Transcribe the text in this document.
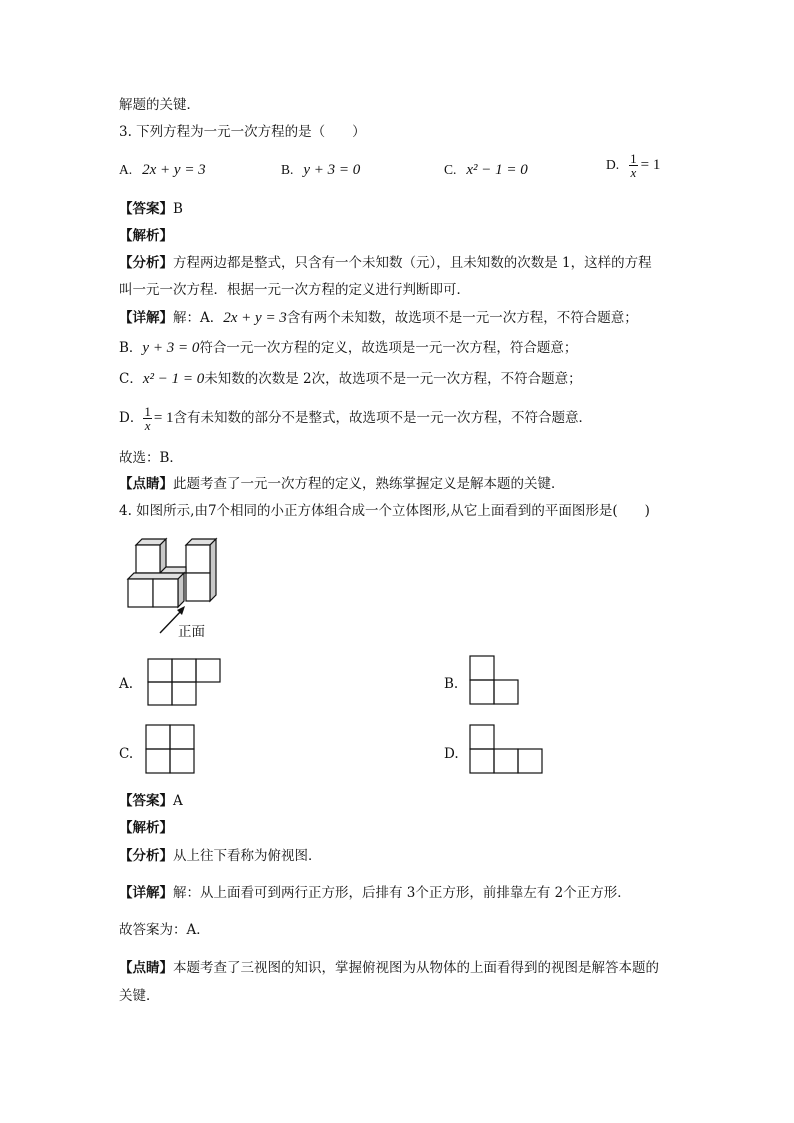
解题的关键．
3. 下列方程为一元一次方程的是（　　）
A. 2x + y = 3	B. y + 3 = 0	C. x² − 1 = 0	D. $\frac{1}{x} = 1$
【答案】B
【解析】
【分析】方程两边都是整式，只含有一个未知数（元），且未知数的次数是 1，这样的方程
叫一元一次方程．根据一元一次方程的定义进行判断即可．
【详解】解：A．2x + y = 3含有两个未知数，故选项不是一元一次方程，不符合题意；
B．y + 3 = 0符合一元一次方程的定义，故选项是一元一次方程，符合题意；
C．x² − 1 = 0未知数的次数是 2次，故选项不是一元一次方程，不符合题意；
D． $\frac{1}{x} = 1$含有未知数的部分不是整式，故选项不是一元一次方程，不符合题意．
故选：B．
【点睛】此题考查了一元一次方程的定义，熟练掌握定义是解本题的关键．
4. 如图所示,由7个相同的小正方体组合成一个立体图形,从它上面看到的平面图形是(　　)
正面
A.	B.
C.	D.
【答案】A
【解析】
【分析】从上往下看称为俯视图．
【详解】解：从上面看可到两行正方形，后排有 3个正方形，前排靠左有 2个正方形．
故答案为：A．
【点睛】本题考查了三视图的知识，掌握俯视图为从物体的上面看得到的视图是解答本题的
关键．
